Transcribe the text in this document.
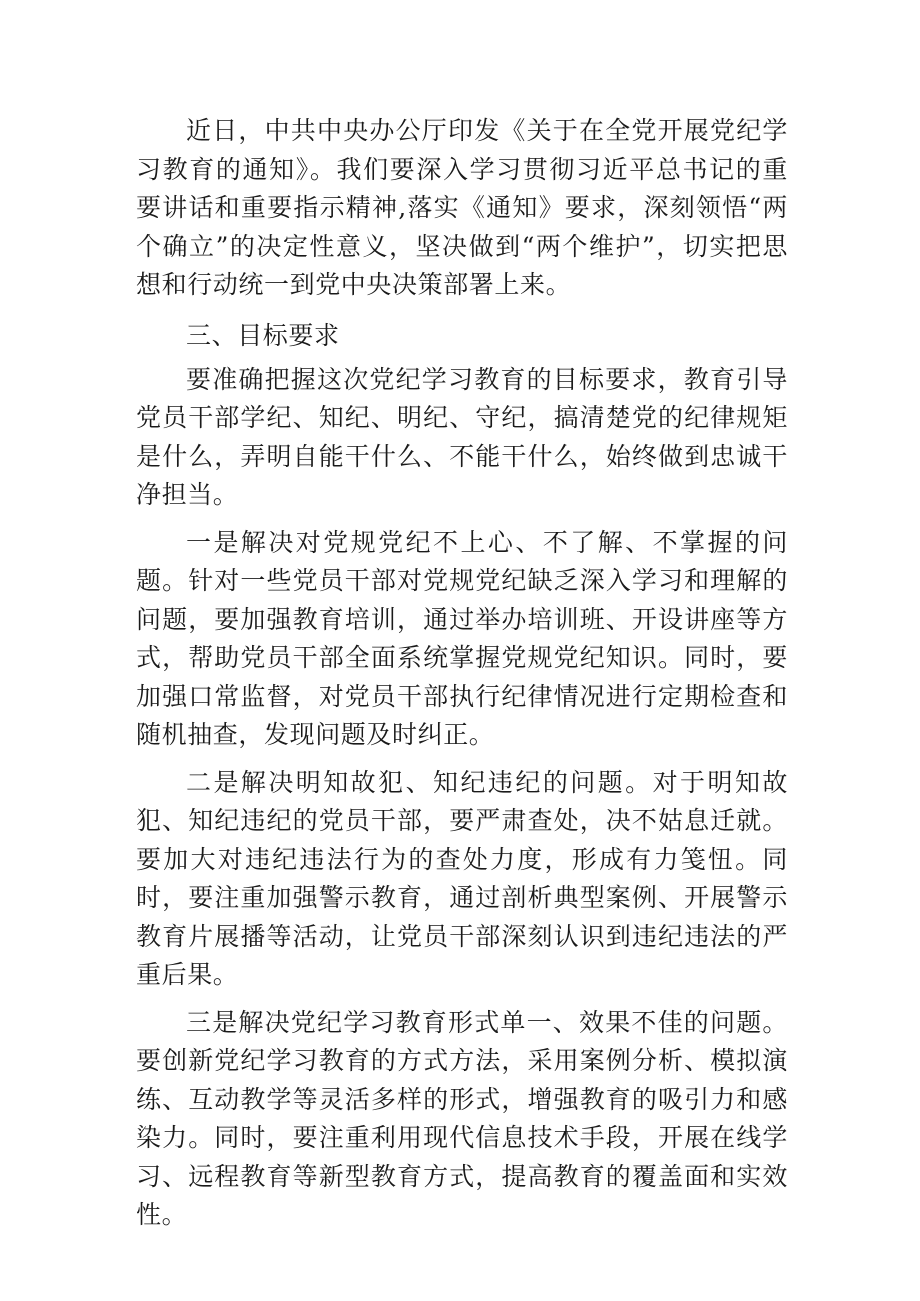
近日，中共中央办公厅印发《关于在全党开展党纪学习教育的通知》。我们要深入学习贯彻习近平总书记的重要讲话和重要指示精神,落实《通知》要求，深刻领悟“两个确立”的决定性意义，坚决做到“两个维护”，切实把思想和行动统一到党中央决策部署上来。

三、目标要求

要准确把握这次党纪学习教育的目标要求，教育引导党员干部学纪、知纪、明纪、守纪，搞清楚党的纪律规矩是什么，弄明自能干什么、不能干什么，始终做到忠诚干净担当。

一是解决对党规党纪不上心、不了解、不掌握的问题。针对一些党员干部对党规党纪缺乏深入学习和理解的问题，要加强教育培训，通过举办培训班、开设讲座等方式，帮助党员干部全面系统掌握党规党纪知识。同时，要加强口常监督，对党员干部执行纪律情况进行定期检查和随机抽查，发现问题及时纠正。

二是解决明知故犯、知纪违纪的问题。对于明知故犯、知纪违纪的党员干部，要严肃查处，决不姑息迁就。要加大对违纪违法行为的查处力度，形成有力笺忸。同时，要注重加强警示教育，通过剖析典型案例、开展警示教育片展播等活动，让党员干部深刻认识到违纪违法的严重后果。

三是解决党纪学习教育形式单一、效果不佳的问题。要创新党纪学习教育的方式方法，采用案例分析、模拟演练、互动教学等灵活多样的形式，增强教育的吸引力和感染力。同时，要注重利用现代信息技术手段，开展在线学习、远程教育等新型教育方式，提高教育的覆盖面和实效性。
